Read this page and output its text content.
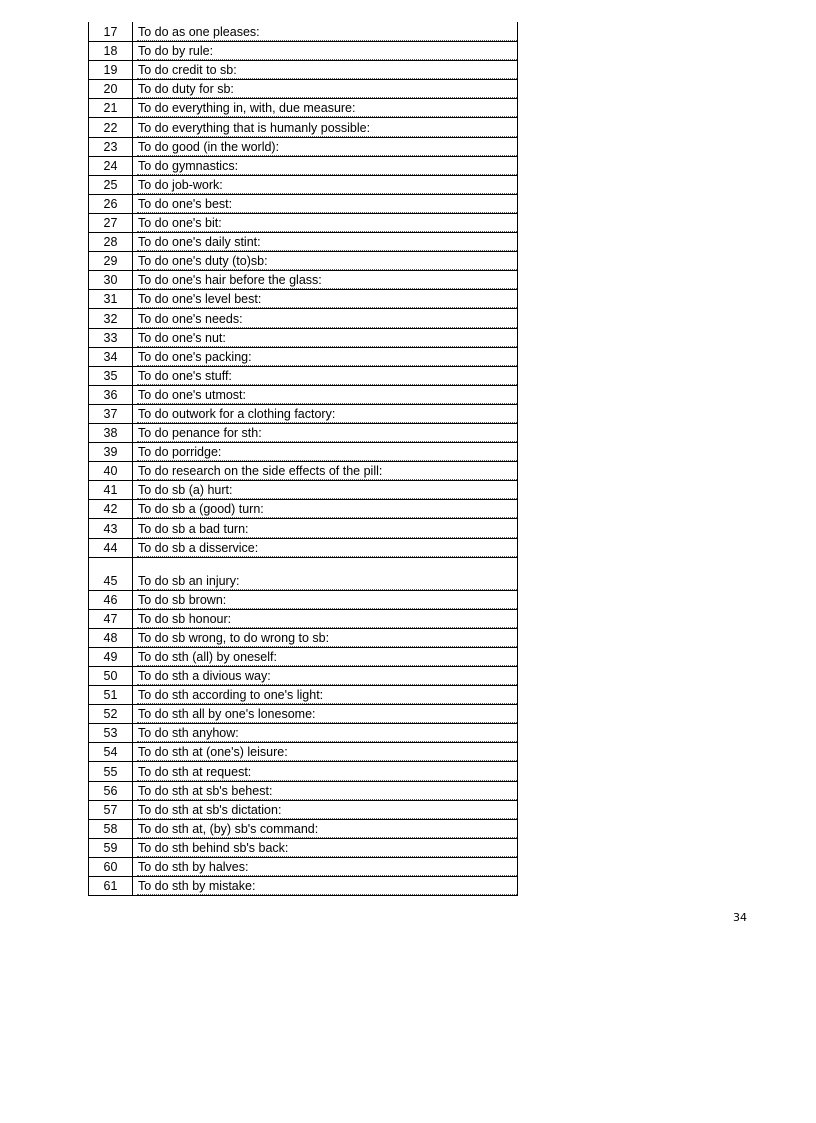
17	To do as one pleases:
18	To do by rule:
19	To do credit to sb:
20	To do duty for sb:
21	To do everything in, with, due measure:
22	To do everything that is humanly possible:
23	To do good (in the world):
24	To do gymnastics:
25	To do job-work:
26	To do one's best:
27	To do one's bit:
28	To do one's daily stint:
29	To do one's duty (to)sb:
30	To do one's hair before the glass:
31	To do one's level best:
32	To do one's needs:
33	To do one's nut:
34	To do one's packing:
35	To do one's stuff:
36	To do one's utmost:
37	To do outwork for a clothing factory:
38	To do penance for sth:
39	To do porridge:
40	To do research on the side effects of the pill:
41	To do sb (a) hurt:
42	To do sb a (good) turn:
43	To do sb a bad turn:
44	To do sb a disservice:
45	To do sb an injury:
46	To do sb brown:
47	To do sb honour:
48	To do sb wrong, to do wrong to sb:
49	To do sth (all) by oneself:
50	To do sth a divious way:
51	To do sth according to one's light:
52	To do sth all by one's lonesome:
53	To do sth anyhow:
54	To do sth at (one's) leisure:
55	To do sth at request:
56	To do sth at sb's behest:
57	To do sth at sb's dictation:
58	To do sth at, (by) sb's command:
59	To do sth behind sb's back:
60	To do sth by halves:
61	To do sth by mistake:
34
